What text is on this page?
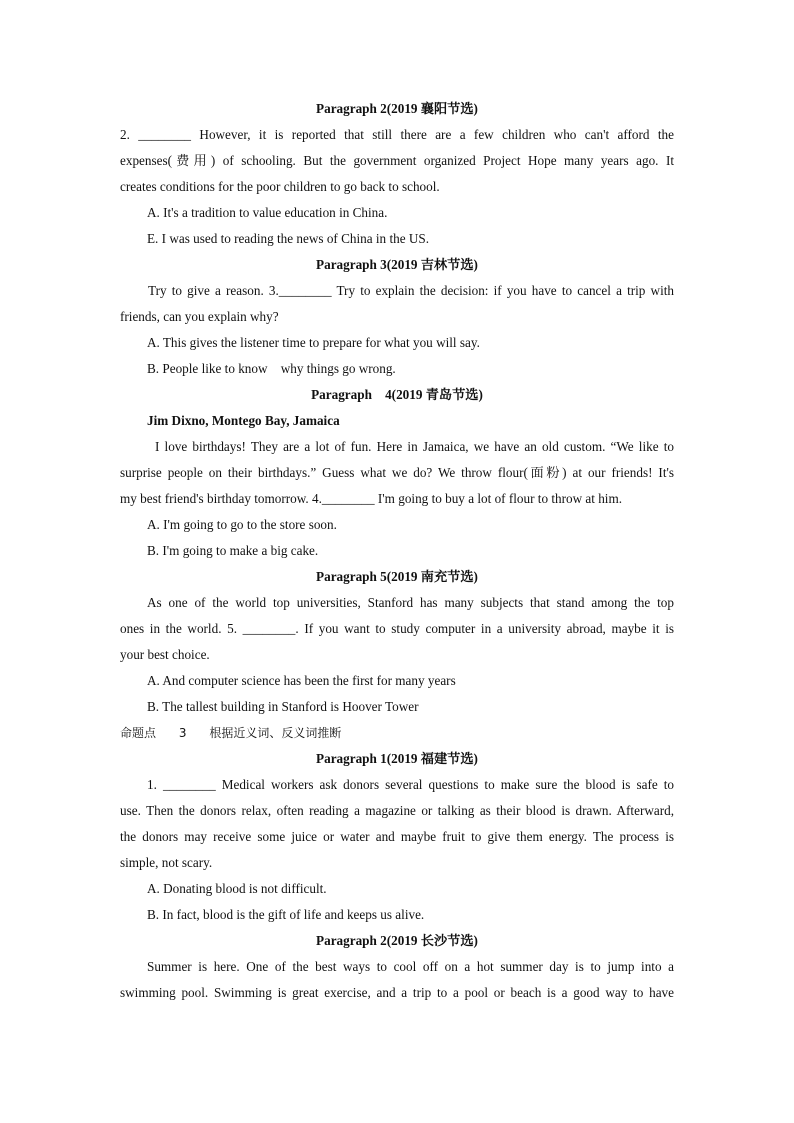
Paragraph 2(2019 襄阳节选)
2. ________ However, it is reported that still there are a few children who can't afford the
expenses(费用) of schooling. But the government organized Project Hope many years ago. It
creates conditions for the poor children to go back to school.
A. It's a tradition to value education in China.
E. I was used to reading the news of China in the US.
Paragraph 3(2019 吉林节选)
Try to give a reason. 3.________ Try to explain the decision: if you have to cancel a trip with
friends, can you explain why?
A. This gives the listener time to prepare for what you will say.
B. People like to know    why things go wrong.
Paragraph    4(2019 青岛节选)
Jim Dixno, Montego Bay, Jamaica
I love birthdays! They are a lot of fun. Here in Jamaica, we have an old custom. “We like to
surprise people on their birthdays.” Guess what we do? We throw flour(面粉) at our friends! It's
my best friend's birthday tomorrow. 4.________ I'm going to buy a lot of flour to throw at him.
A. I'm going to go to the store soon.
B. I'm going to make a big cake.
Paragraph 5(2019 南充节选)
As one of the world top universities, Stanford has many subjects that stand among the top
ones in the world. 5. ________. If you want to study computer in a university abroad, maybe it is
your best choice.
A. And computer science has been the first for many years
B. The tallest building in Stanford is Hoover Tower
命题点      3      根据近义词、反义词推断
Paragraph 1(2019 福建节选)
1. ________ Medical workers ask donors several questions to make sure the blood is safe to
use. Then the donors relax, often reading a magazine or talking as their blood is drawn. Afterward,
the donors may receive some juice or water and maybe fruit to give them energy. The process is
simple, not scary.
A. Donating blood is not difficult.
B. In fact, blood is the gift of life and keeps us alive.
Paragraph 2(2019 长沙节选)
Summer is here. One of the best ways to cool off on a hot summer day is to jump into a
swimming pool. Swimming is great exercise, and a trip to a pool or beach is a good way to have
